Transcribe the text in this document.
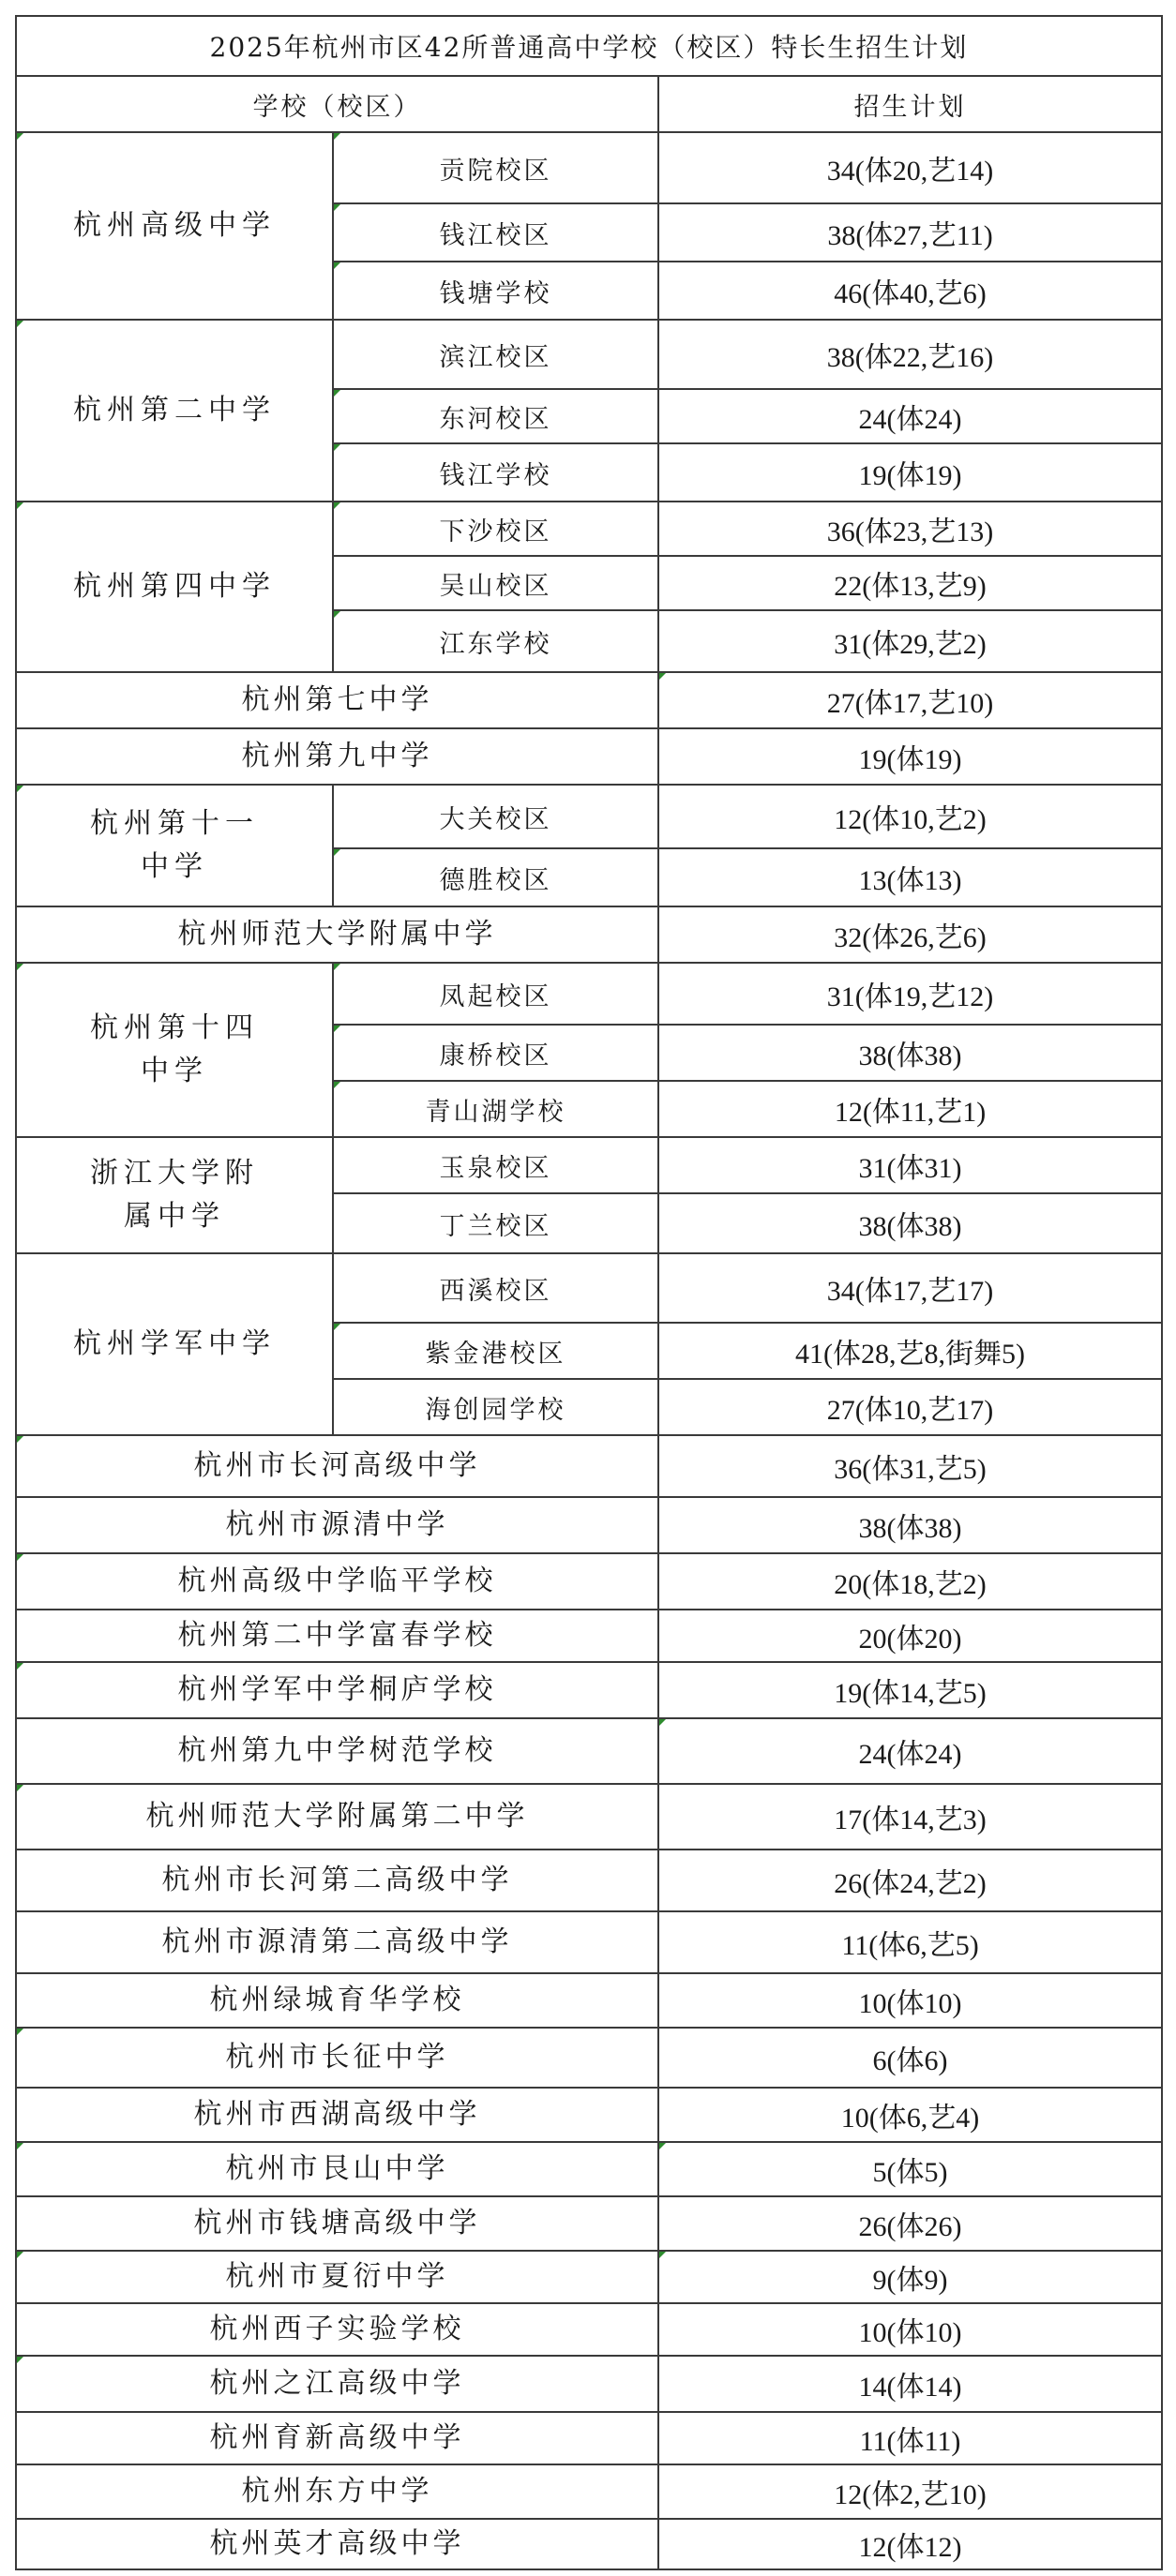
2025年杭州市区42所普通高中学校（校区）特长生招生计划		
学校（校区）		招生计划
杭州高级中学	贡院校区	34(体20,艺14)
	钱江校区	38(体27,艺11)
	钱塘学校	46(体40,艺6)
杭州第二中学	滨江校区	38(体22,艺16)
	东河校区	24(体24)
	钱江学校	19(体19)
杭州第四中学	下沙校区	36(体23,艺13)
	吴山校区	22(体13,艺9)
	江东学校	31(体29,艺2)
杭州第七中学		27(体17,艺10)
杭州第九中学		19(体19)
杭州第十一
中学	大关校区	12(体10,艺2)
	德胜校区	13(体13)
杭州师范大学附属中学		32(体26,艺6)
杭州第十四
中学	凤起校区	31(体19,艺12)
	康桥校区	38(体38)
	青山湖学校	12(体11,艺1)
浙江大学附
属中学	玉泉校区	31(体31)
	丁兰校区	38(体38)
杭州学军中学	西溪校区	34(体17,艺17)
	紫金港校区	41(体28,艺8,街舞5)
	海创园学校	27(体10,艺17)
杭州市长河高级中学		36(体31,艺5)
杭州市源清中学		38(体38)
杭州高级中学临平学校		20(体18,艺2)
杭州第二中学富春学校		20(体20)
杭州学军中学桐庐学校		19(体14,艺5)
杭州第九中学树范学校		24(体24)
杭州师范大学附属第二中学		17(体14,艺3)
杭州市长河第二高级中学		26(体24,艺2)
杭州市源清第二高级中学		11(体6,艺5)
杭州绿城育华学校		10(体10)
杭州市长征中学		6(体6)
杭州市西湖高级中学		10(体6,艺4)
杭州市艮山中学		5(体5)
杭州市钱塘高级中学		26(体26)
杭州市夏衍中学		9(体9)
杭州西子实验学校		10(体10)
杭州之江高级中学		14(体14)
杭州育新高级中学		11(体11)
杭州东方中学		12(体2,艺10)
杭州英才高级中学		12(体12)
